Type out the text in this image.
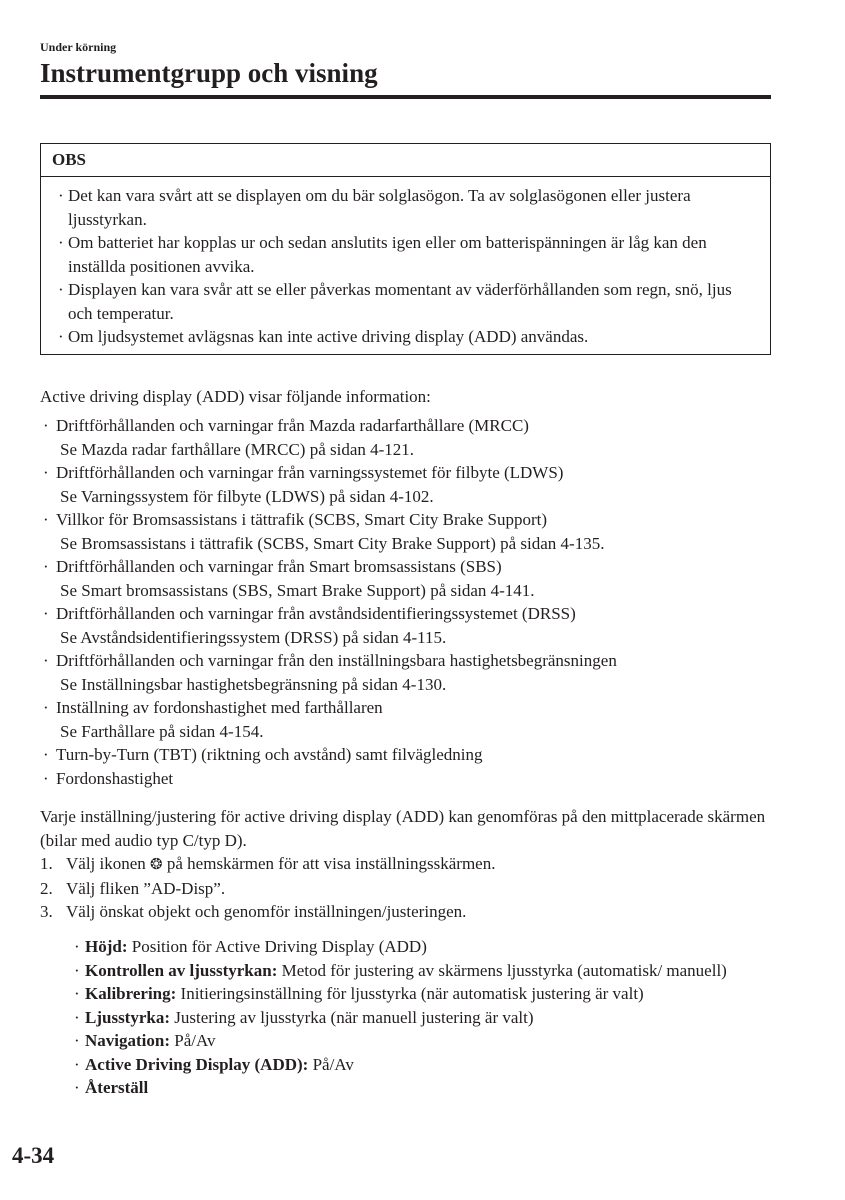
Under körning
Instrumentgrupp och visning
OBS
· Det kan vara svårt att se displayen om du bär solglasögon. Ta av solglasögonen eller justera ljusstyrkan.
· Om batteriet har kopplas ur och sedan anslutits igen eller om batterispänningen är låg kan den inställda positionen avvika.
· Displayen kan vara svår att se eller påverkas momentant av väderförhållanden som regn, snö, ljus och temperatur.
· Om ljudsystemet avlägsnas kan inte active driving display (ADD) användas.
Active driving display (ADD) visar följande information:
· Driftförhållanden och varningar från Mazda radarfarthållare (MRCC)
Se Mazda radar farthållare (MRCC) på sidan 4-121.
· Driftförhållanden och varningar från varningssystemet för filbyte (LDWS)
Se Varningssystem för filbyte (LDWS) på sidan 4-102.
· Villkor för Bromsassistans i tättrafik (SCBS, Smart City Brake Support)
Se Bromsassistans i tättrafik (SCBS, Smart City Brake Support) på sidan 4-135.
· Driftförhållanden och varningar från Smart bromsassistans (SBS)
Se Smart bromsassistans (SBS, Smart Brake Support) på sidan 4-141.
· Driftförhållanden och varningar från avståndsidentifieringssystemet (DRSS)
Se Avståndsidentifieringssystem (DRSS) på sidan 4-115.
· Driftförhållanden och varningar från den inställningsbara hastighetsbegränsningen
Se Inställningsbar hastighetsbegränsning på sidan 4-130.
· Inställning av fordonshastighet med farthållaren
Se Farthållare på sidan 4-154.
· Turn-by-Turn (TBT) (riktning och avstånd) samt filvägledning
· Fordonshastighet
Varje inställning/justering för active driving display (ADD) kan genomföras på den mittplacerade skärmen (bilar med audio typ C/typ D).
1. Välj ikonen ❂ på hemskärmen för att visa inställningsskärmen.
2. Välj fliken ”AD-Disp”.
3. Välj önskat objekt och genomför inställningen/justeringen.
· Höjd: Position för Active Driving Display (ADD)
· Kontrollen av ljusstyrkan: Metod för justering av skärmens ljusstyrka (automatisk/ manuell)
· Kalibrering: Initieringsinställning för ljusstyrka (när automatisk justering är valt)
· Ljusstyrka: Justering av ljusstyrka (när manuell justering är valt)
· Navigation: På/Av
· Active Driving Display (ADD): På/Av
· Återställ
4-34
